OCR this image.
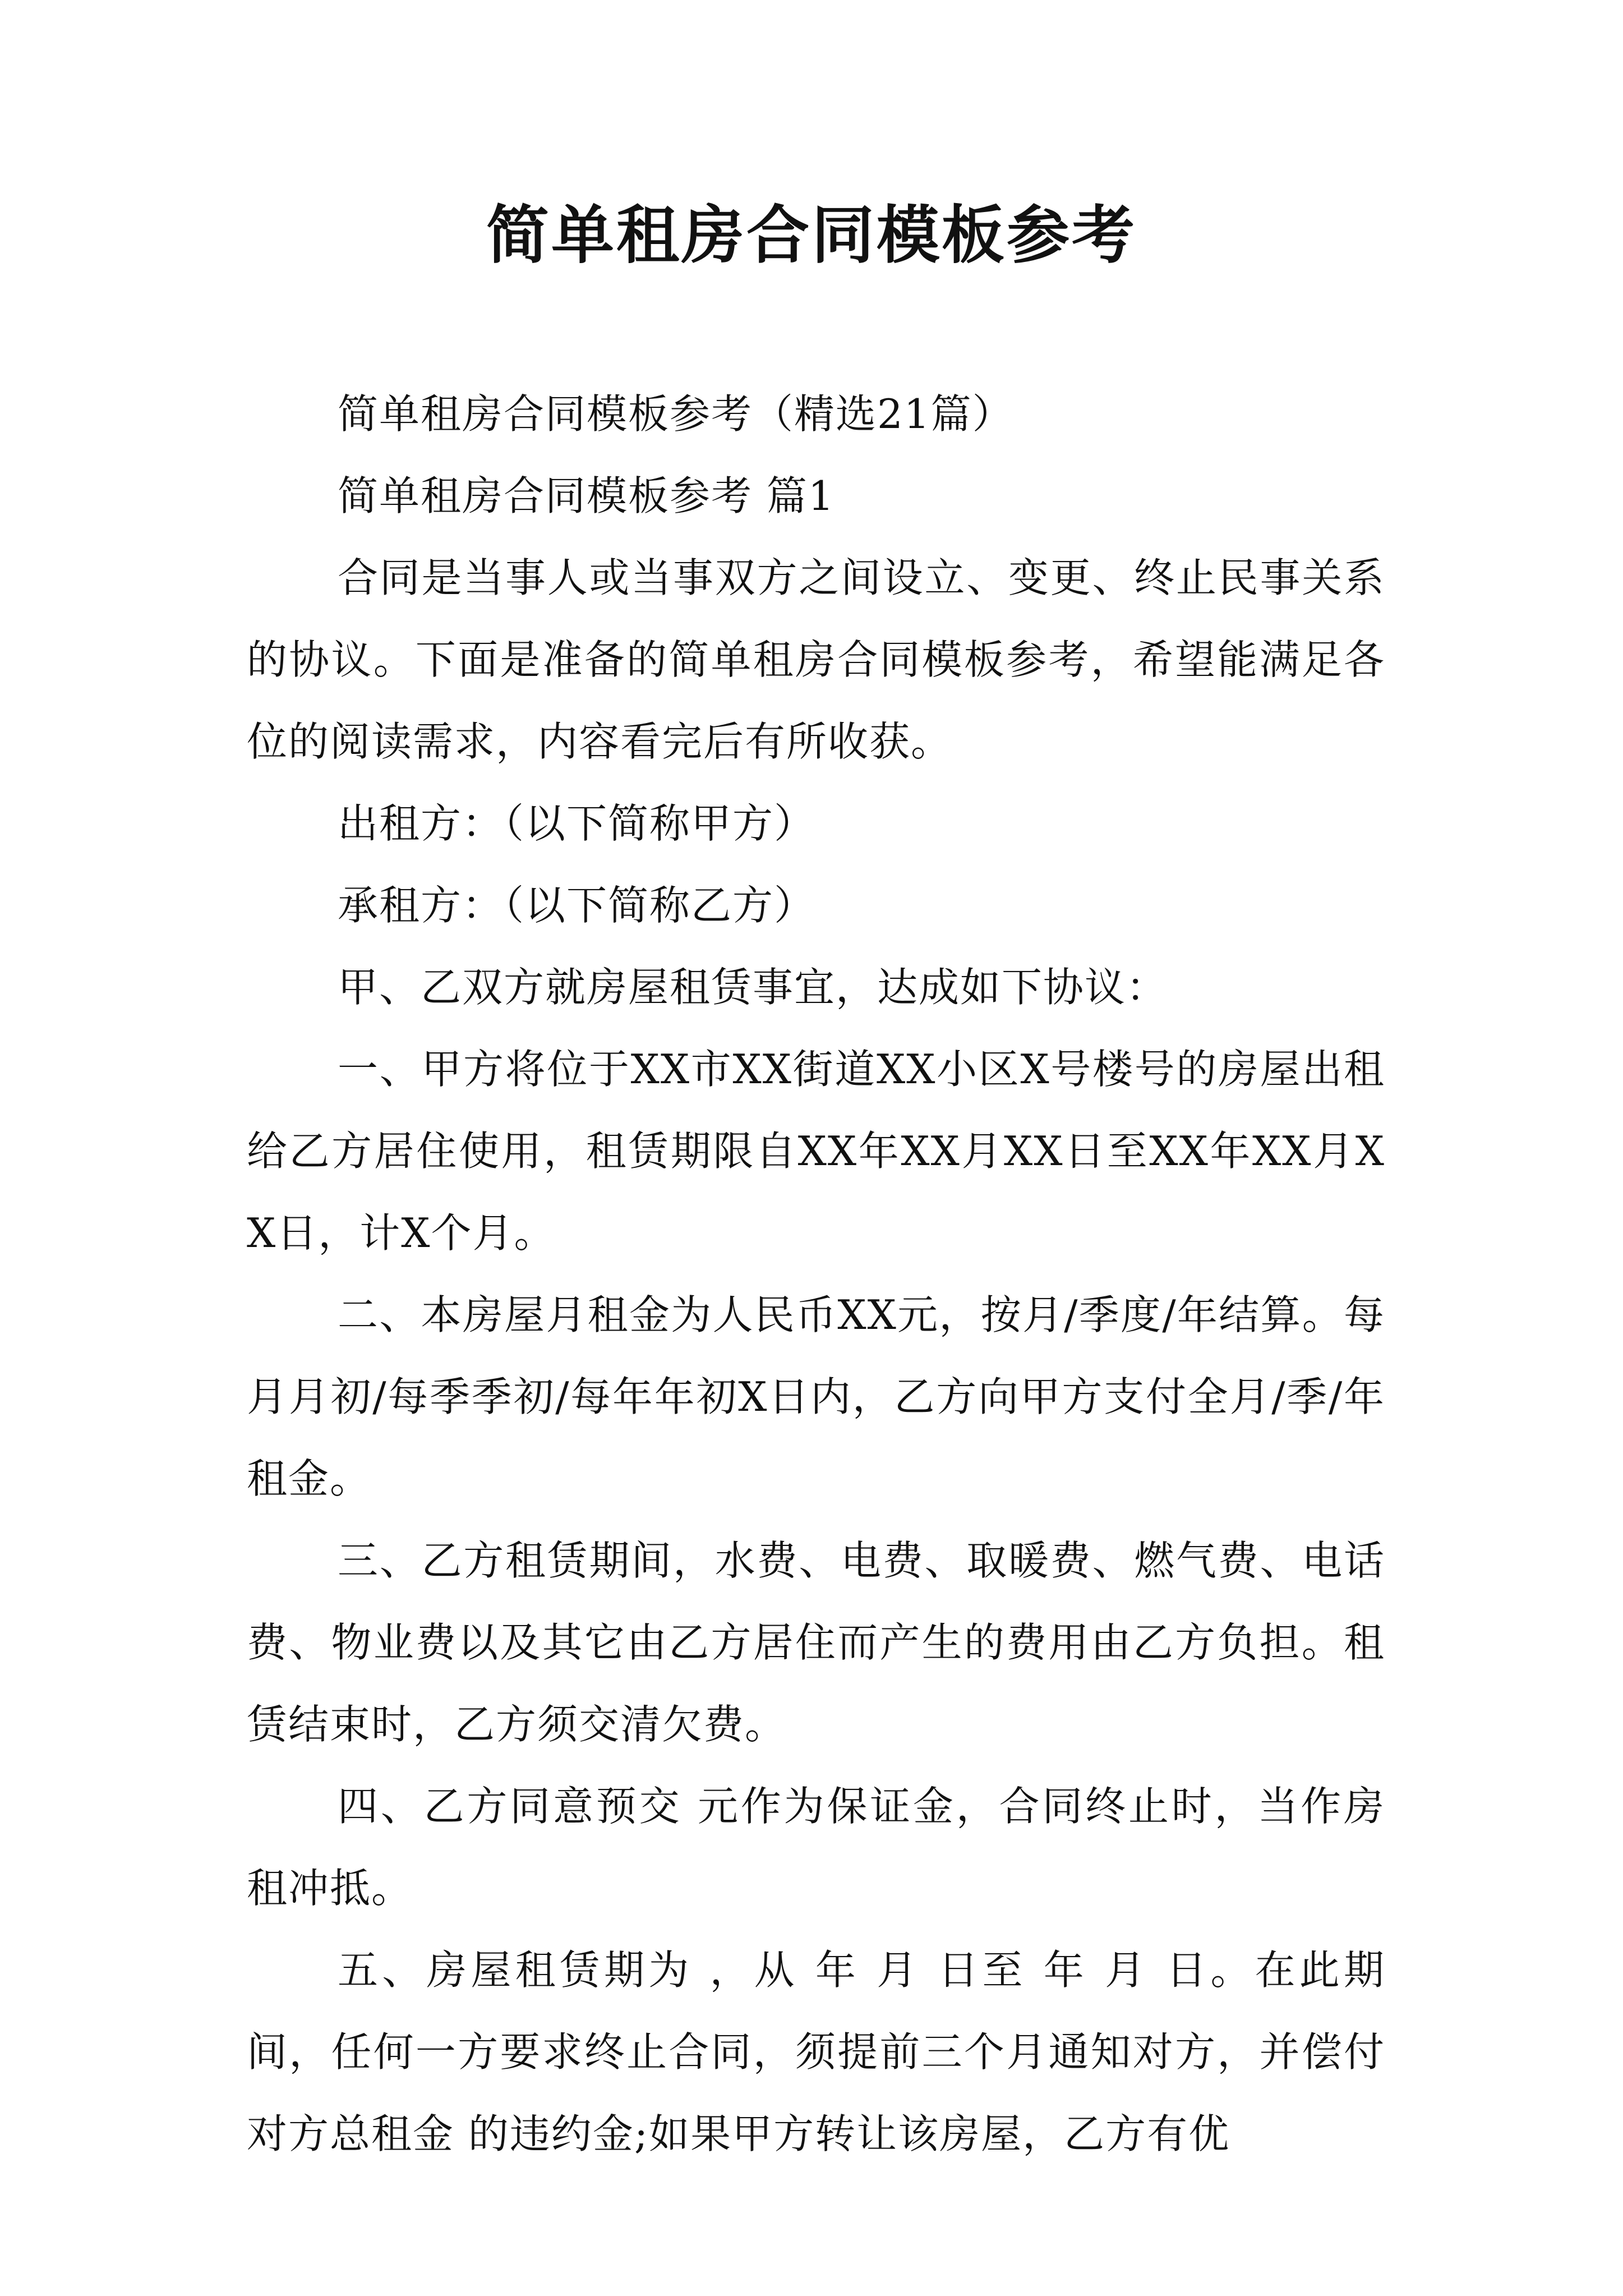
简单租房合同模板参考

简单租房合同模板参考（精选21篇）

简单租房合同模板参考 篇1

合同是当事人或当事双方之间设立、变更、终止民事关系的协议。下面是准备的简单租房合同模板参考，希望能满足各位的阅读需求，内容看完后有所收获。

出租方：（以下简称甲方）

承租方：（以下简称乙方）

甲、乙双方就房屋租赁事宜，达成如下协议：

一、甲方将位于XX市XX街道XX小区X号楼号的房屋出租给乙方居住使用，租赁期限自XX年XX月XX日至XX年XX月XX日，计X个月。

二、本房屋月租金为人民币XX元，按月/季度/年结算。每月月初/每季季初/每年年初X日内，乙方向甲方支付全月/季/年租金。

三、乙方租赁期间，水费、电费、取暖费、燃气费、电话费、物业费以及其它由乙方居住而产生的费用由乙方负担。租赁结束时，乙方须交清欠费。

四、乙方同意预交 元作为保证金，合同终止时，当作房租冲抵。

五、房屋租赁期为 ，从 年 月 日至 年 月 日。在此期间，任何一方要求终止合同，须提前三个月通知对方，并偿付对方总租金 的违约金;如果甲方转让该房屋，乙方有优
